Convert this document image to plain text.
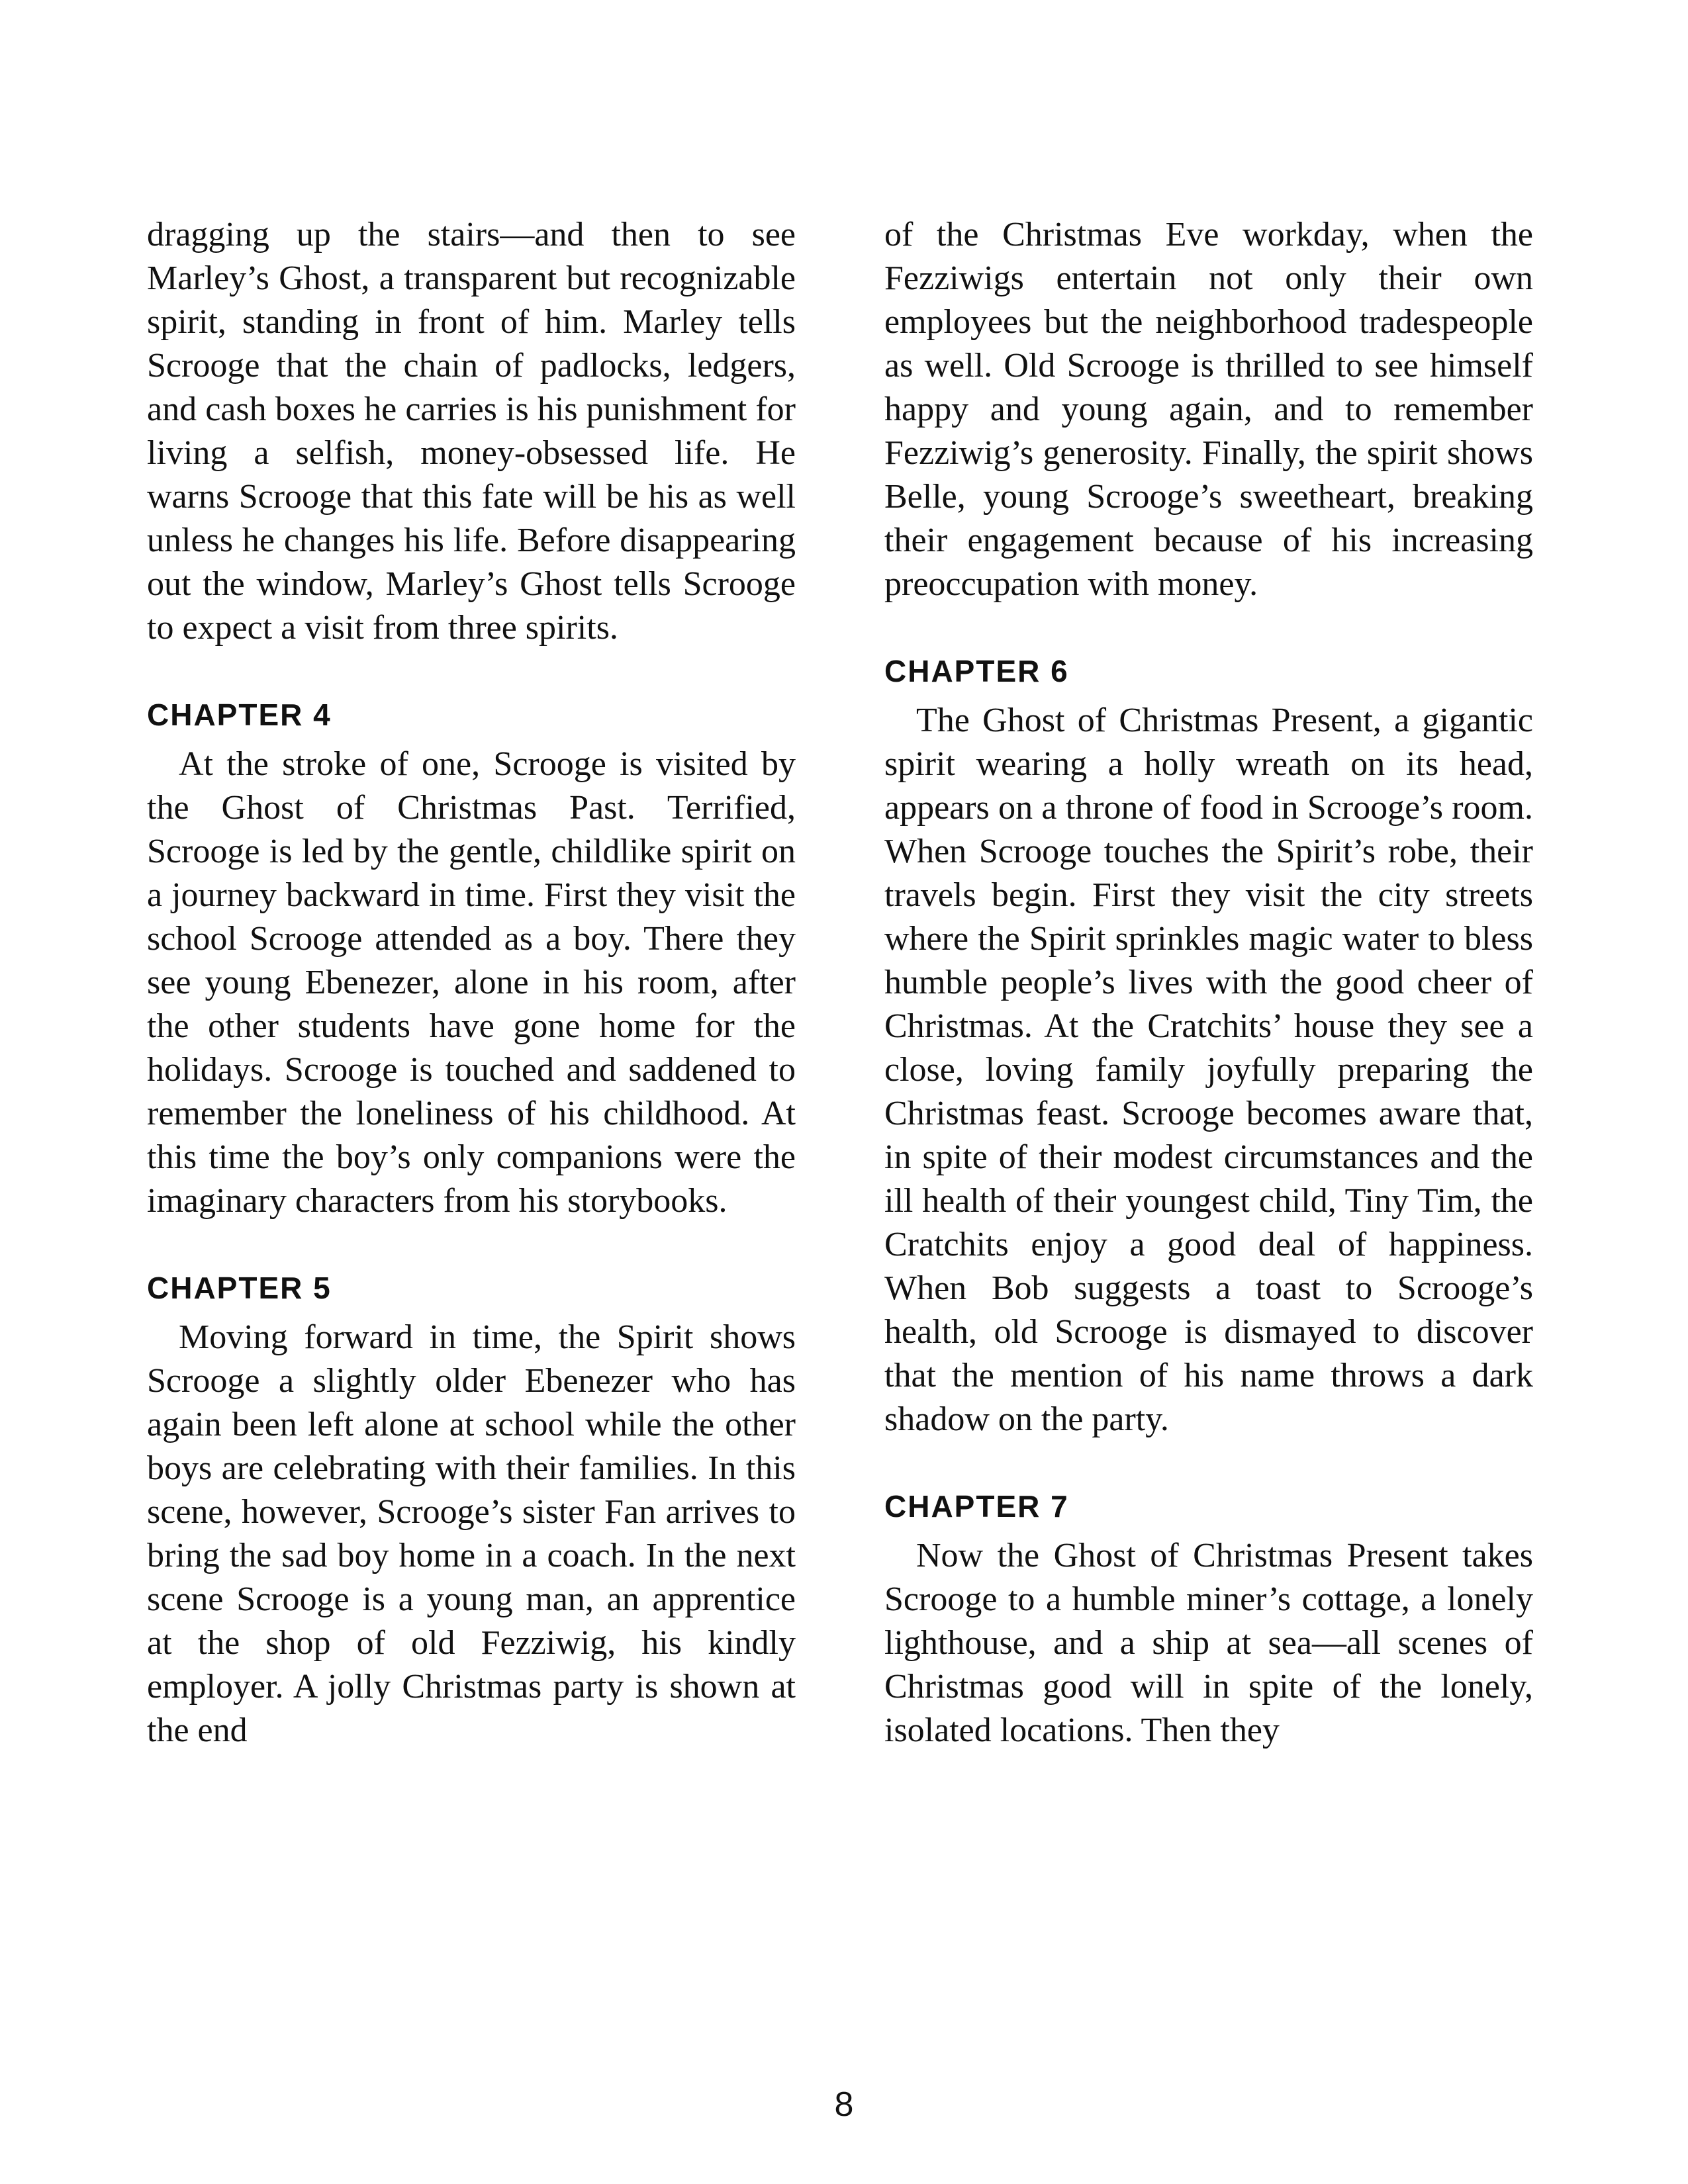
dragging up the stairs—and then to see Marley’s Ghost, a transparent but recognizable spirit, standing in front of him. Marley tells Scrooge that the chain of padlocks, ledgers, and cash boxes he carries is his punishment for living a selfish, money-obsessed life. He warns Scrooge that this fate will be his as well unless he changes his life. Before disappearing out the window, Marley’s Ghost tells Scrooge to expect a visit from three spirits.

CHAPTER 4

At the stroke of one, Scrooge is visited by the Ghost of Christmas Past. Terrified, Scrooge is led by the gentle, childlike spirit on a journey backward in time. First they visit the school Scrooge attended as a boy. There they see young Ebenezer, alone in his room, after the other students have gone home for the holidays. Scrooge is touched and saddened to remember the loneliness of his childhood. At this time the boy’s only companions were the imaginary characters from his storybooks.

CHAPTER 5

Moving forward in time, the Spirit shows Scrooge a slightly older Ebenezer who has again been left alone at school while the other boys are celebrating with their families. In this scene, however, Scrooge’s sister Fan arrives to bring the sad boy home in a coach. In the next scene Scrooge is a young man, an apprentice at the shop of old Fezziwig, his kindly employer. A jolly Christmas party is shown at the end

of the Christmas Eve workday, when the Fezziwigs entertain not only their own employees but the neighborhood tradespeople as well. Old Scrooge is thrilled to see himself happy and young again, and to remember Fezziwig’s generosity. Finally, the spirit shows Belle, young Scrooge’s sweetheart, breaking their engagement because of his increasing preoccupation with money.

CHAPTER 6

The Ghost of Christmas Present, a gigantic spirit wearing a holly wreath on its head, appears on a throne of food in Scrooge’s room. When Scrooge touches the Spirit’s robe, their travels begin. First they visit the city streets where the Spirit sprinkles magic water to bless humble people’s lives with the good cheer of Christmas. At the Cratchits’ house they see a close, loving family joyfully preparing the Christmas feast. Scrooge becomes aware that, in spite of their modest circumstances and the ill health of their youngest child, Tiny Tim, the Cratchits enjoy a good deal of happiness. When Bob suggests a toast to Scrooge’s health, old Scrooge is dismayed to discover that the mention of his name throws a dark shadow on the party.

CHAPTER 7

Now the Ghost of Christmas Present takes Scrooge to a humble miner’s cottage, a lonely lighthouse, and a ship at sea—all scenes of Christmas good will in spite of the lonely, isolated locations. Then they

8
